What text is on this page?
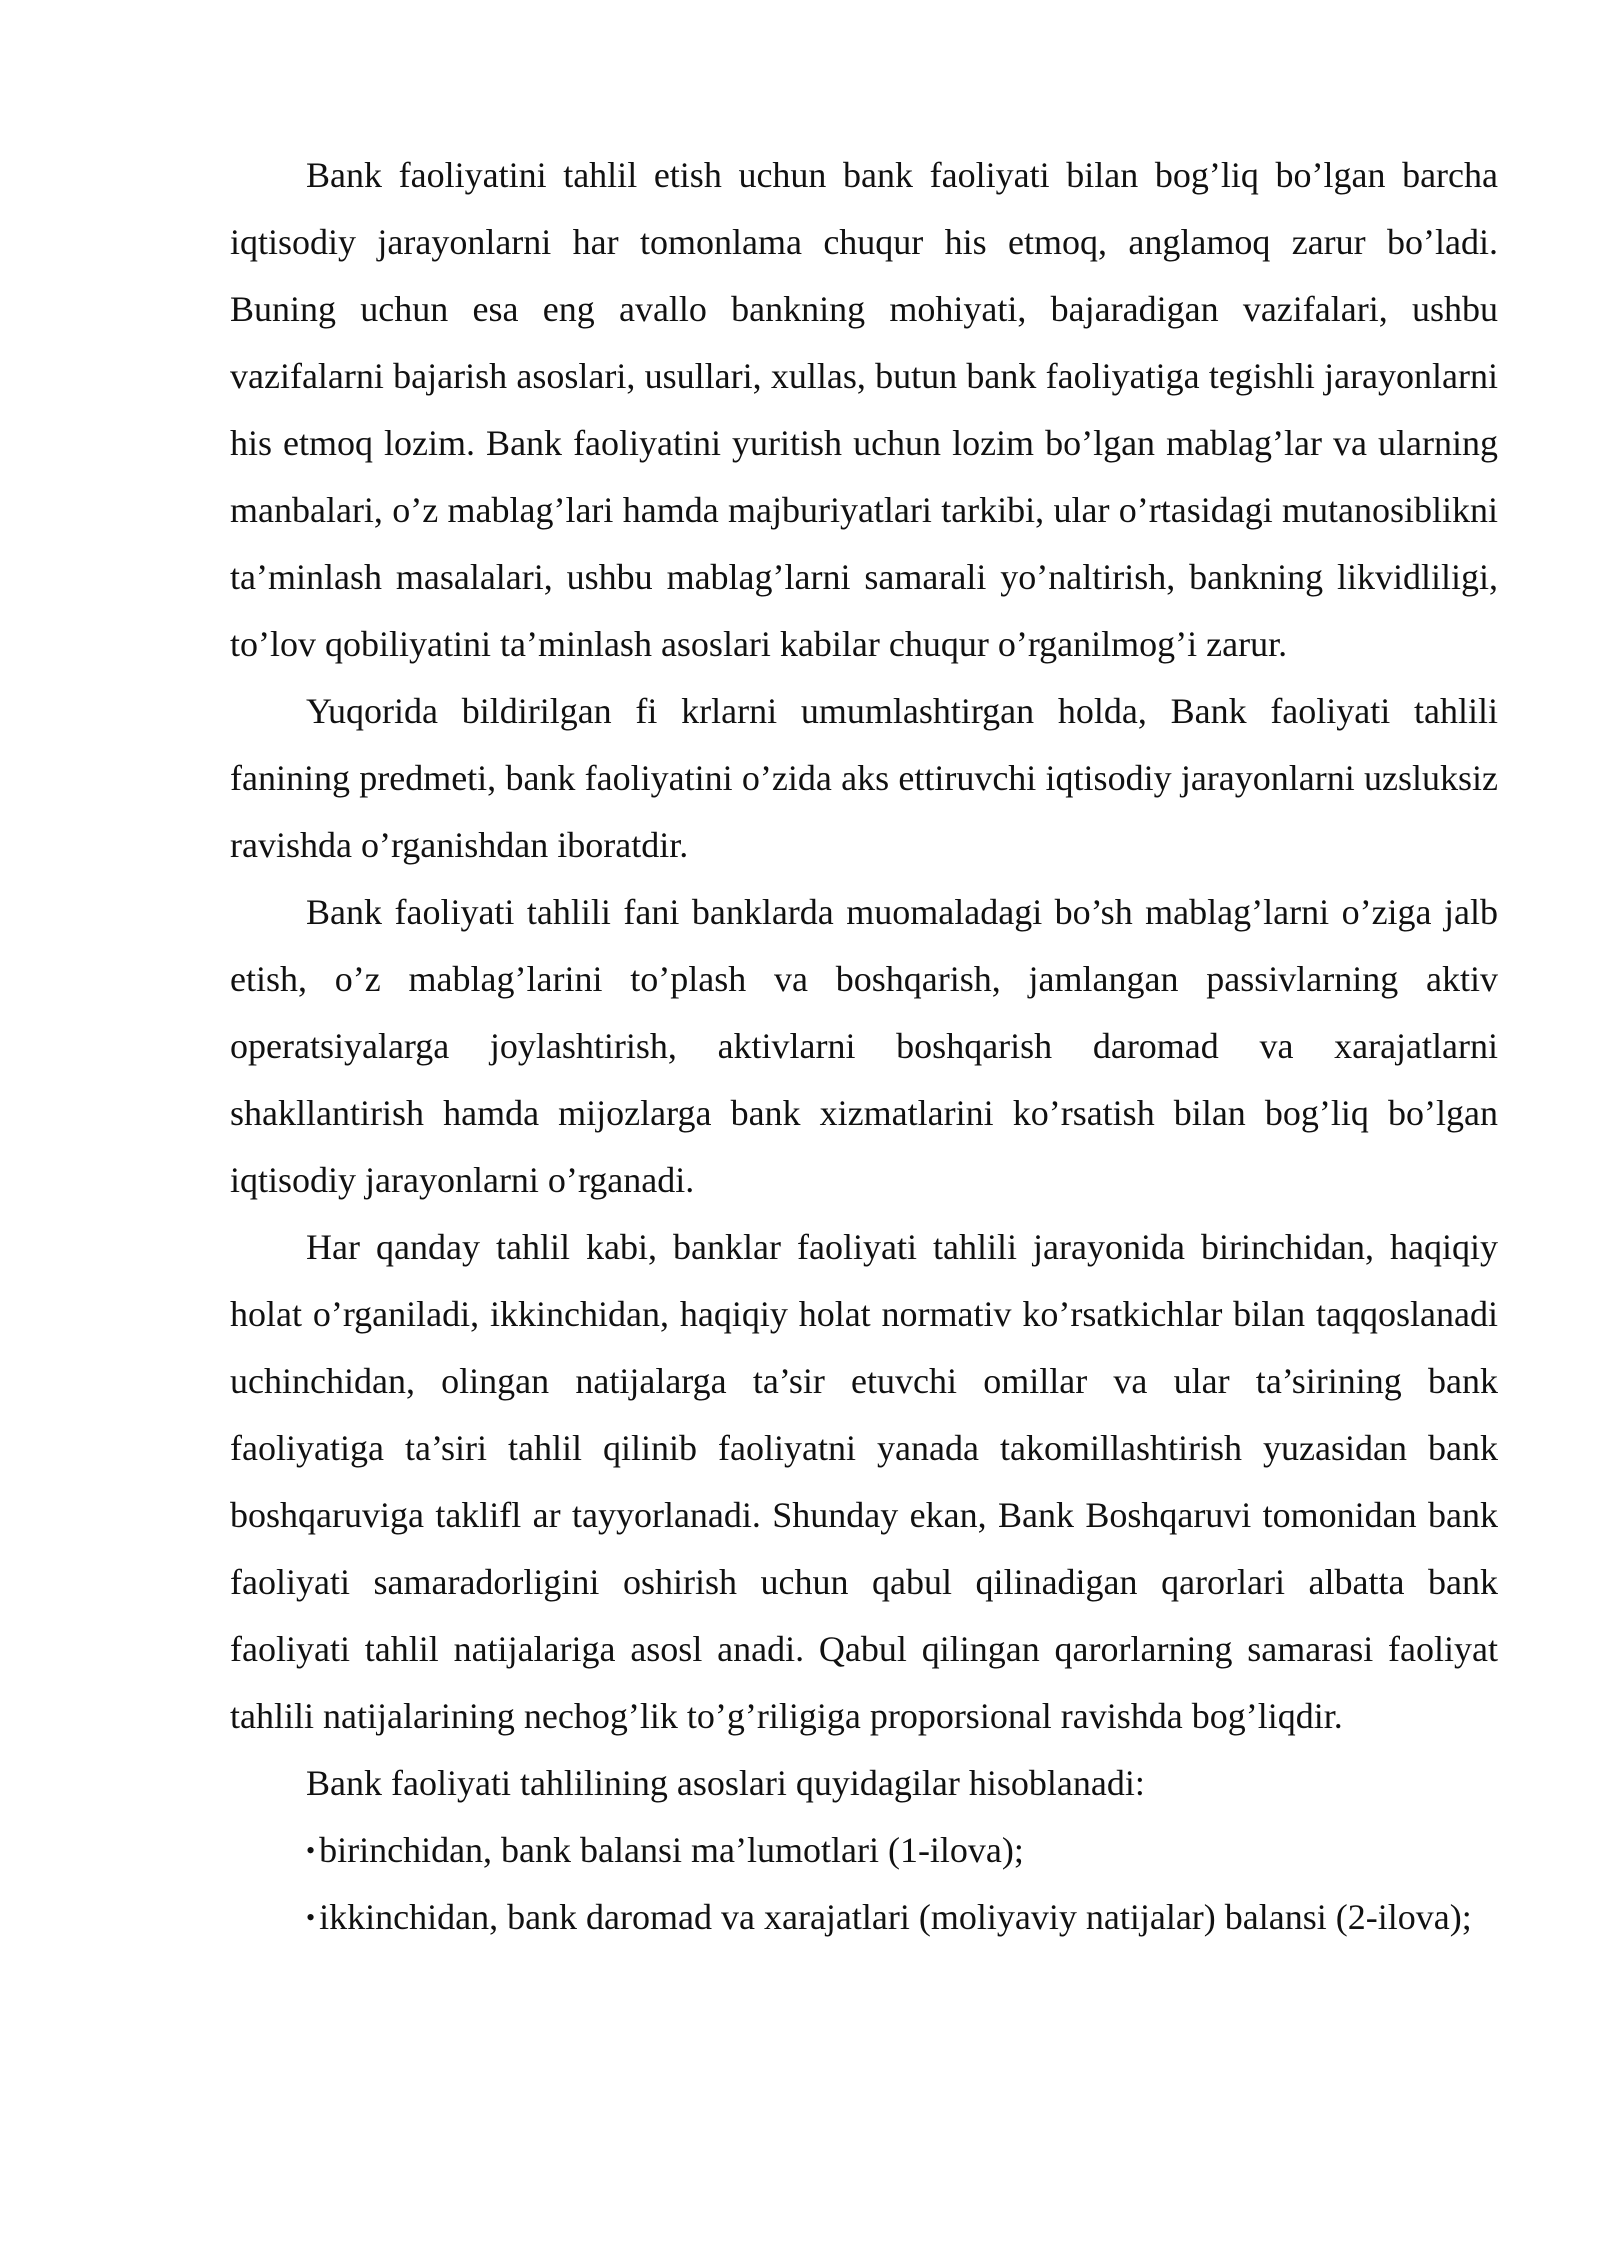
Bank faoliyatini tahlil etish uchun bank faoliyati bilan bog’liq bo’lgan barcha iqtisodiy jarayonlarni har tomonlama chuqur his etmoq, anglamoq zarur bo’ladi. Buning uchun esa eng avallo bankning mohiyati, bajaradigan vazifalari, ushbu vazifalarni bajarish asoslari, usullari, xullas, butun bank faoliyatiga tegishli jarayonlarni his etmoq lozim. Bank faoliyatini yuritish uchun lozim bo’lgan mablag’lar va ularning manbalari, o’z mablag’lari hamda majburiyatlari tarkibi, ular o’rtasidagi mutanosiblikni ta’minlash masalalari, ushbu mablag’larni samarali yo’naltirish, bankning likvidliligi, to’lov qobiliyatini ta’minlash asoslari kabilar chuqur o’rganilmog’i zarur.

Yuqorida bildirilgan fi krlarni umumlashtirgan holda, Bank faoliyati tahlili fanining predmeti, bank faoliyatini o’zida aks ettiruvchi iqtisodiy jarayonlarni uzsluksiz ravishda o’rganishdan iboratdir.

Bank faoliyati tahlili fani banklarda muomaladagi bo’sh mablag’larni o’ziga jalb etish, o’z mablag’larini to’plash va boshqarish, jamlangan passivlarning aktiv operatsiyalarga joylashtirish, aktivlarni boshqarish daromad va xarajatlarni shakllantirish hamda mijozlarga bank xizmatlarini ko’rsatish bilan bog’liq bo’lgan iqtisodiy jarayonlarni o’rganadi.

Har qanday tahlil kabi, banklar faoliyati tahlili jarayonida birinchidan, haqiqiy holat o’rganiladi, ikkinchidan, haqiqiy holat normativ ko’rsatkichlar bilan taqqoslanadi uchinchidan, olingan natijalarga ta’sir etuvchi omillar va ular ta’sirining bank faoliyatiga ta’siri tahlil qilinib faoliyatni yanada takomillashtirish yuzasidan bank boshqaruviga taklifl ar tayyorlanadi. Shunday ekan, Bank Boshqaruvi tomonidan bank faoliyati samaradorligini oshirish uchun qabul qilinadigan qarorlari albatta bank faoliyati tahlil natijalariga asosl anadi. Qabul qilingan qarorlarning samarasi faoliyat tahlili natijalarining nechog’lik to’g’riligiga proporsional ravishda bog’liqdir.

Bank faoliyati tahlilining asoslari quyidagilar hisoblanadi:

• birinchidan, bank balansi ma’lumotlari (1-ilova);

• ikkinchidan, bank daromad va xarajatlari (moliyaviy natijalar) balansi (2-ilova);
